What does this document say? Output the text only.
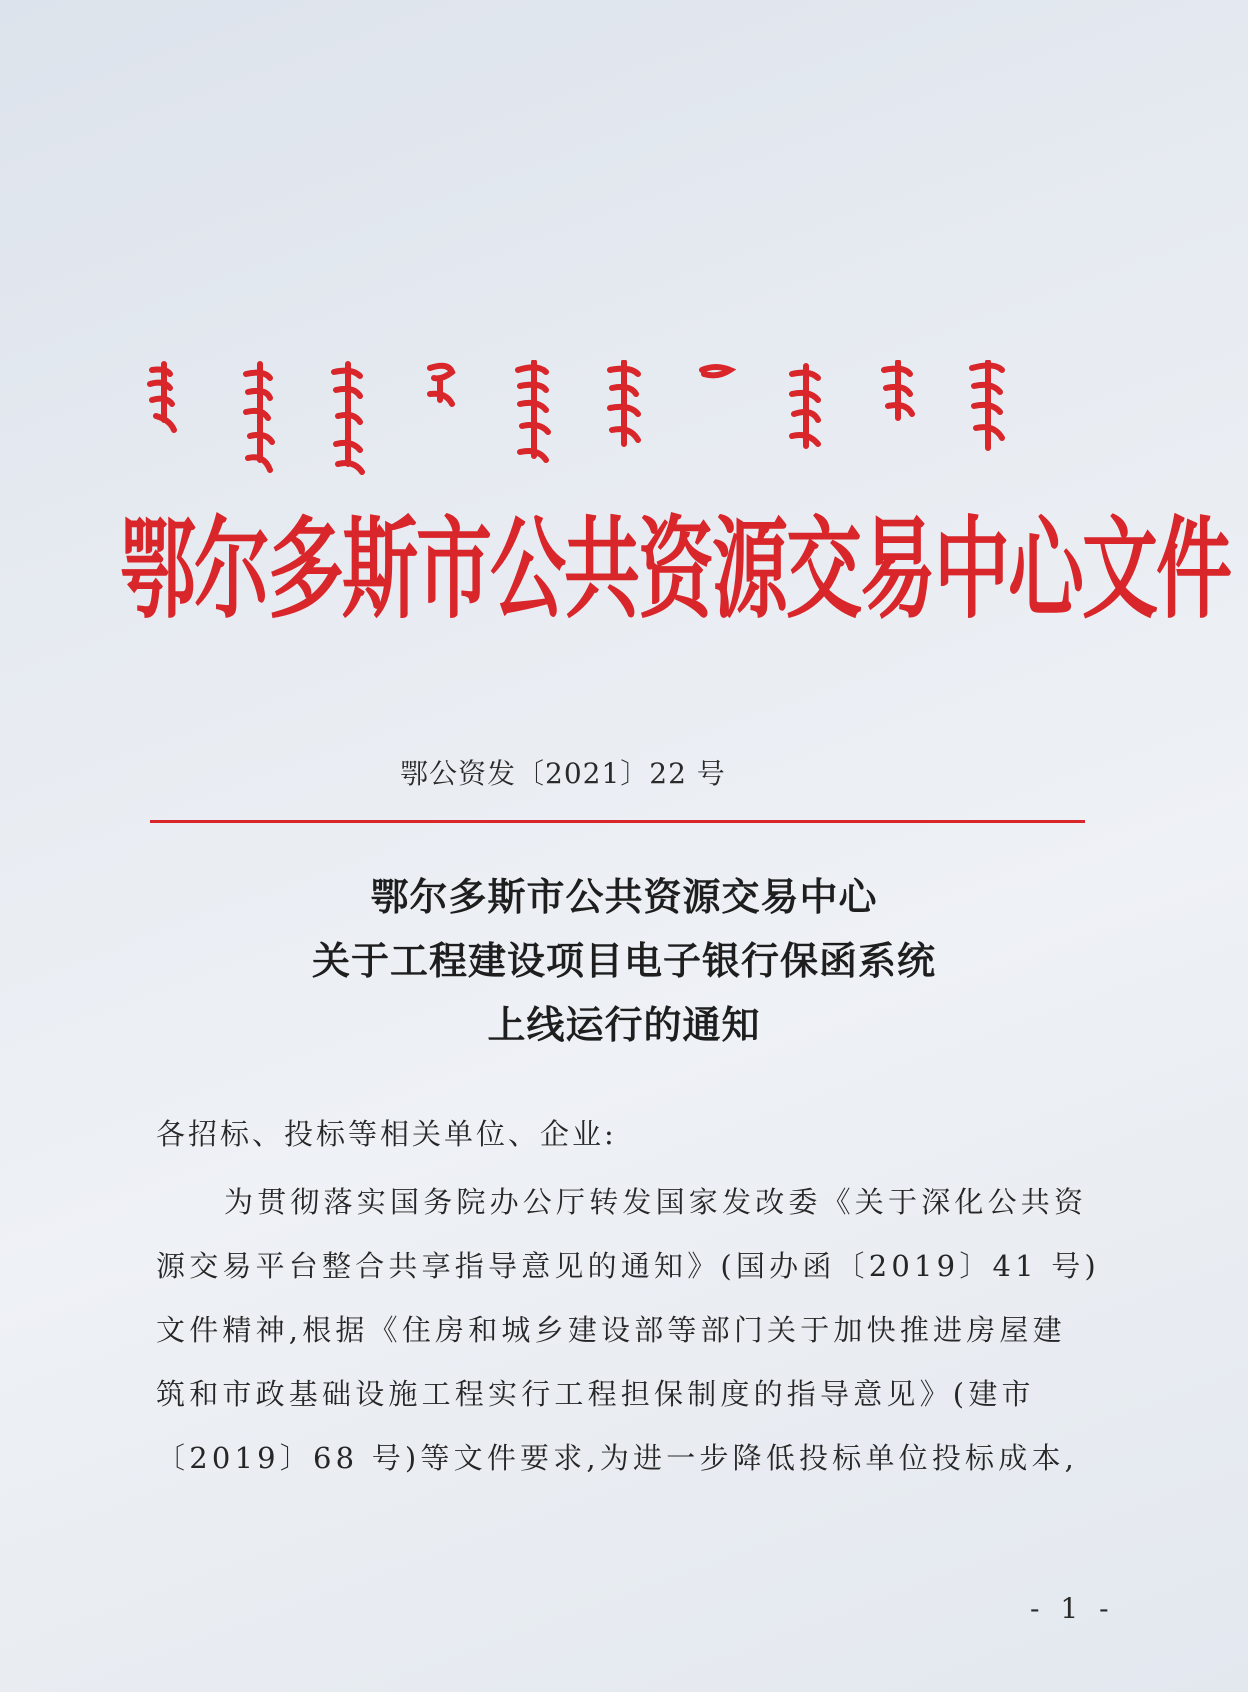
鄂尔多斯市公共资源交易中心文件
鄂公资发〔2021〕22 号
鄂尔多斯市公共资源交易中心
关于工程建设项目电子银行保函系统
上线运行的通知
各招标、投标等相关单位、企业:
为贯彻落实国务院办公厅转发国家发改委《关于深化公共资
源交易平台整合共享指导意见的通知》(国办函〔2019〕41 号)
文件精神,根据《住房和城乡建设部等部门关于加快推进房屋建
筑和市政基础设施工程实行工程担保制度的指导意见》(建市
〔2019〕68 号)等文件要求,为进一步降低投标单位投标成本,
- 1 -
